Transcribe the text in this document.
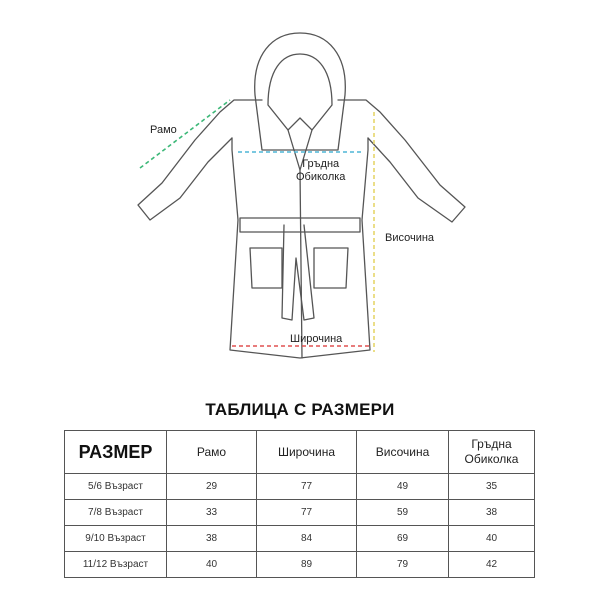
Рамо
Гръдна
Обиколка
Височина
Широчина
ТАБЛИЦА С РАЗМЕРИ
РАЗМЕР	Рамо	Широчина	Височина	Гръдна
Обиколка

5/6 Възраст	29	77	49	35
7/8 Възраст	33	77	59	38
9/10 Възраст	38	84	69	40
11/12 Възраст	40	89	79	42
